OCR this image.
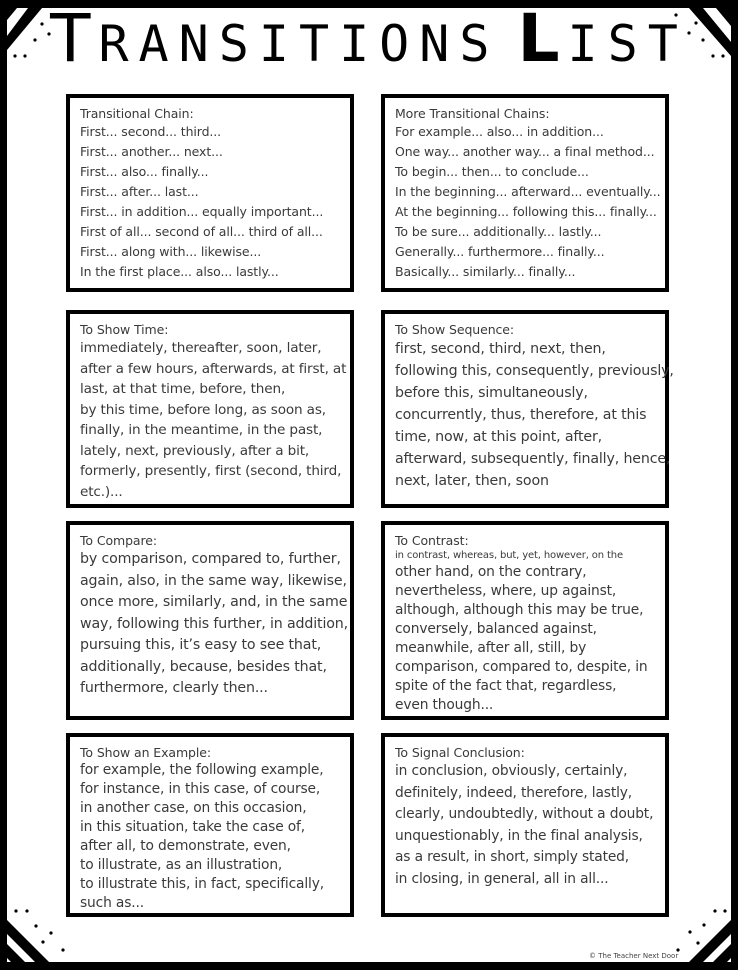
TRANSITIONS LIST
Transitional Chain:
First... second... third...
First... another... next...
First... also... finally...
First... after... last...
First... in addition... equally important...
First of all... second of all... third of all...
First... along with... likewise...
In the first place... also... lastly...
More Transitional Chains:
For example... also... in addition...
One way... another way... a final method...
To begin... then... to conclude...
In the beginning... afterward... eventually...
At the beginning... following this... finally...
To be sure... additionally... lastly...
Generally... furthermore... finally...
Basically... similarly... finally...
To Show Time:
immediately, thereafter, soon, later,
after a few hours, afterwards, at first, at
last, at that time, before, then,
by this time, before long, as soon as,
finally, in the meantime, in the past,
lately, next, previously, after a bit,
formerly, presently, first (second, third,
etc.)...
To Show Sequence:
first, second, third, next, then,
following this, consequently, previously,
before this, simultaneously,
concurrently, thus, therefore, at this
time, now, at this point, after,
afterward, subsequently, finally, hence,
next, later, then, soon
To Compare:
by comparison, compared to, further,
again, also, in the same way, likewise,
once more, similarly, and, in the same
way, following this further, in addition,
pursuing this, it’s easy to see that,
additionally, because, besides that,
furthermore, clearly then...
To Contrast:
in contrast, whereas, but, yet, however, on the
other hand, on the contrary,
nevertheless, where, up against,
although, although this may be true,
conversely, balanced against,
meanwhile, after all, still, by
comparison, compared to, despite, in
spite of the fact that, regardless,
even though...
To Show an Example:
for example, the following example,
for instance, in this case, of course,
in another case, on this occasion,
in this situation, take the case of,
after all, to demonstrate, even,
to illustrate, as an illustration,
to illustrate this, in fact, specifically,
such as...
To Signal Conclusion:
in conclusion, obviously, certainly,
definitely, indeed, therefore, lastly,
clearly, undoubtedly, without a doubt,
unquestionably, in the final analysis,
as a result, in short, simply stated,
in closing, in general, all in all...
© The Teacher Next Door
